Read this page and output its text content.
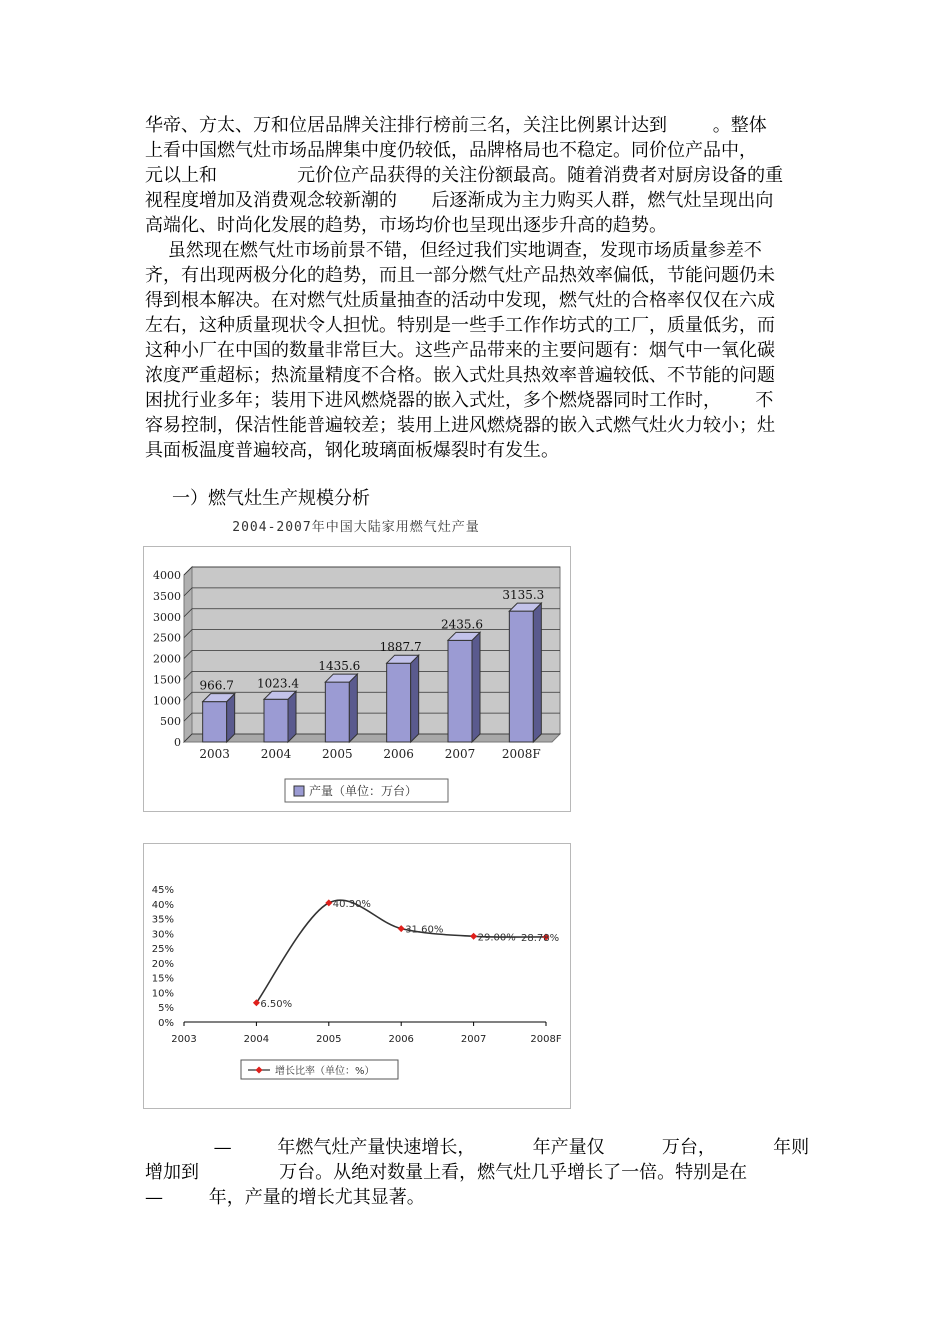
华帝、方太、万和位居品牌关注排行榜前三名，关注比例累计达到        。整体
上看中国燃气灶市场品牌集中度仍较低，品牌格局也不稳定。同价位产品中，
元以上和              元价位产品获得的关注份额最高。随着消费者对厨房设备的重
视程度增加及消费观念较新潮的      后逐渐成为主力购买人群，燃气灶呈现出向
高端化、时尚化发展的趋势，市场均价也呈现出逐步升高的趋势。
虽然现在燃气灶市场前景不错，但经过我们实地调查，发现市场质量参差不
齐，有出现两极分化的趋势，而且一部分燃气灶产品热效率偏低，节能问题仍未
得到根本解决。在对燃气灶质量抽查的活动中发现，燃气灶的合格率仅仅在六成
左右，这种质量现状令人担忧。特别是一些手工作作坊式的工厂，质量低劣，而
这种小厂在中国的数量非常巨大。这些产品带来的主要问题有：烟气中一氧化碳
浓度严重超标；热流量精度不合格。嵌入式灶具热效率普遍较低、不节能的问题
困扰行业多年；装用下进风燃烧器的嵌入式灶，多个燃烧器同时工作时，      不
容易控制，保洁性能普遍较差；装用上进风燃烧器的嵌入式燃气灶火力较小；灶
具面板温度普遍较高，钢化玻璃面板爆裂时有发生。
一）燃气灶生产规模分析
2004-2007年中国大陆家用燃气灶产量
0
500
1000
1500
2000
2500
3000
3500
4000
966.7
2003
1023.4
2004
1435.6
2005
1887.7
2006
2435.6
2007
3135.3
2008F
产量（单位：万台）
0%
5%
10%
15%
20%
25%
30%
35%
40%
45%
2003	2004	2005	2006	2007	2008F
6.50%
40.30%
31.60%
29.00% 28.78%
增长比率（单位：%）
—        年燃气灶产量快速增长，          年产量仅          万台，          年则
增加到              万台。从绝对数量上看，燃气灶几乎增长了一倍。特别是在
—        年，产量的增长尤其显著。
